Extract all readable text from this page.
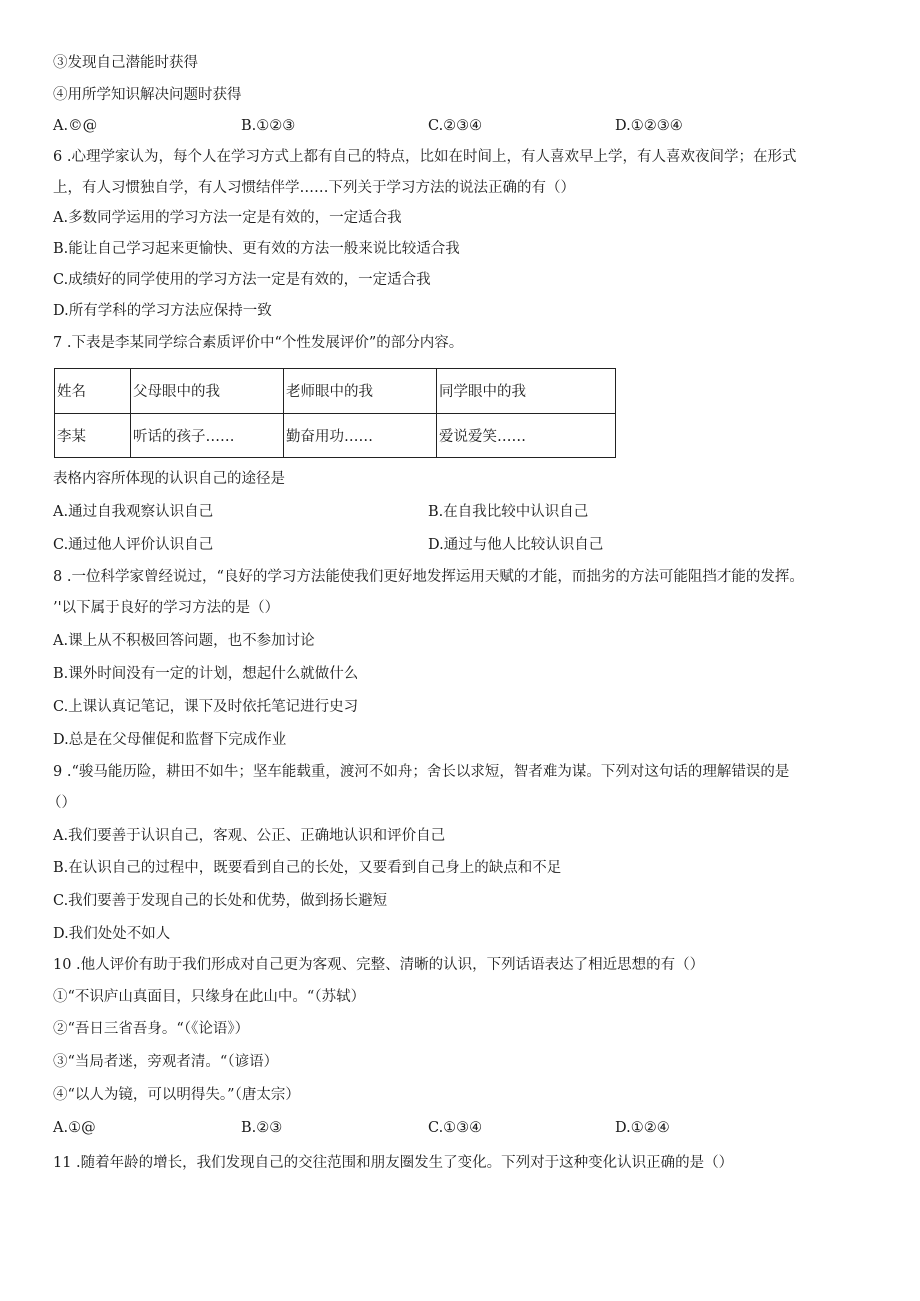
③发现自己潜能时获得
④用所学知识解决问题时获得
A.©@	B.①②③	C.②③④	D.①②③④
6 .心理学家认为，每个人在学习方式上都有自己的特点，比如在时间上，有人喜欢早上学，有人喜欢夜间学；在形式
上，有人习惯独自学，有人习惯结伴学……下列关于学习方法的说法正确的有（）
A.多数同学运用的学习方法一定是有效的，一定适合我
B.能让自己学习起来更愉快、更有效的方法一般来说比较适合我
C.成绩好的同学使用的学习方法一定是有效的，一定适合我
D.所有学科的学习方法应保持一致
7 .下表是李某同学综合素质评价中“个性发展评价”的部分内容。
姓名	父母眼中的我	老师眼中的我	同学眼中的我
李某	听话的孩子……	勤奋用功……	爱说爱笑……
表格内容所体现的认识自己的途径是
A.通过自我观察认识自己	B.在自我比较中认识自己
C.通过他人评价认识自己	D.通过与他人比较认识自己
8 .一位科学家曾经说过，“良好的学习方法能使我们更好地发挥运用天赋的才能，而拙劣的方法可能阻挡才能的发挥。
’'以下属于良好的学习方法的是（）
A.课上从不积极回答问题，也不参加讨论
B.课外时间没有一定的计划，想起什么就做什么
C.上课认真记笔记，课下及时依托笔记进行史习
D.总是在父母催促和监督下完成作业
9 .“骏马能历险，耕田不如牛；坚车能载重，渡河不如舟；舍长以求短，智者难为谋。下列对这句话的理解错误的是
（）
A.我们要善于认识自己，客观、公正、正确地认识和评价自己
B.在认识自己的过程中，既要看到自己的长处，又要看到自己身上的缺点和不足
C.我们要善于发现自己的长处和优势，做到扬长避短
D.我们处处不如人
10 .他人评价有助于我们形成对自己更为客观、完整、清晰的认识，下列话语表达了相近思想的有（）
①“不识庐山真面目，只缘身在此山中。“（苏轼）
②“吾日三省吾身。“（《论语》）
③“当局者迷，旁观者清。“（谚语）
④“以人为镜，可以明得失。”（唐太宗）
A.①@	B.②③	C.①③④	D.①②④
11 .随着年龄的增长，我们发现自己的交往范围和朋友圈发生了变化。下列对于这种变化认识正确的是（）
